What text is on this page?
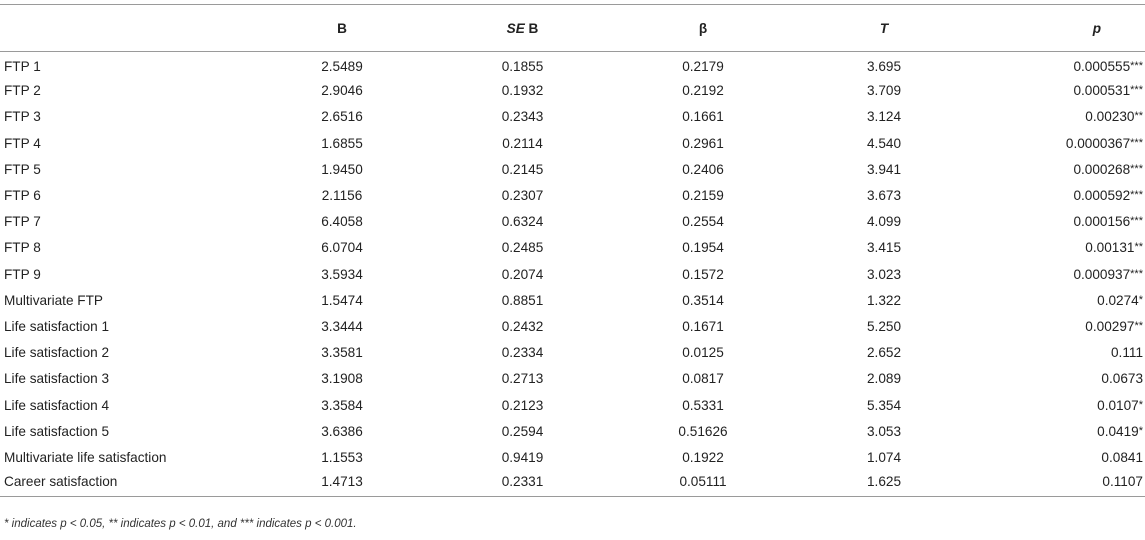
	B	SE B	β	T	p
FTP 1	2.5489	0.1855	0.2179	3.695	0.000555***
FTP 2	2.9046	0.1932	0.2192	3.709	0.000531***
FTP 3	2.6516	0.2343	0.1661	3.124	0.00230**
FTP 4	1.6855	0.2114	0.2961	4.540	0.0000367***
FTP 5	1.9450	0.2145	0.2406	3.941	0.000268***
FTP 6	2.1156	0.2307	0.2159	3.673	0.000592***
FTP 7	6.4058	0.6324	0.2554	4.099	0.000156***
FTP 8	6.0704	0.2485	0.1954	3.415	0.00131**
FTP 9	3.5934	0.2074	0.1572	3.023	0.000937***
Multivariate FTP	1.5474	0.8851	0.3514	1.322	0.0274*
Life satisfaction 1	3.3444	0.2432	0.1671	5.250	0.00297**
Life satisfaction 2	3.3581	0.2334	0.0125	2.652	0.111
Life satisfaction 3	3.1908	0.2713	0.0817	2.089	0.0673
Life satisfaction 4	3.3584	0.2123	0.5331	5.354	0.0107*
Life satisfaction 5	3.6386	0.2594	0.51626	3.053	0.0419*
Multivariate life satisfaction	1.1553	0.9419	0.1922	1.074	0.0841
Career satisfaction	1.4713	0.2331	0.05111	1.625	0.1107
* indicates p < 0.05, ** indicates p < 0.01, and *** indicates p < 0.001.
